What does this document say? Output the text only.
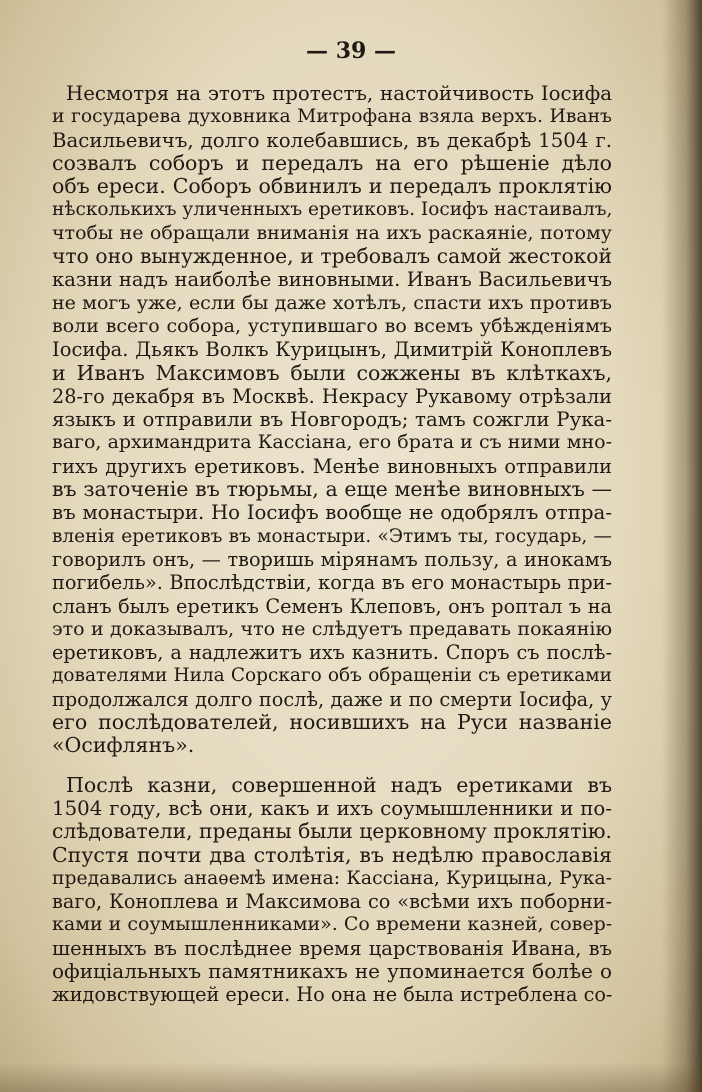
— 39 —
Несмотря на этотъ протестъ, настойчивость Іосифа
и государева духовника Митрофана взяла верхъ. Иванъ
Васильевичъ, долго колебавшись, въ декабрѣ 1504 г.
созвалъ соборъ и передалъ на его рѣшеніе дѣло
объ ереси. Соборъ обвинилъ и передалъ проклятію
нѣсколькихъ уличенныхъ еретиковъ. Іосифъ настаивалъ,
чтобы не обращали вниманія на ихъ раскаяніе, потому
что оно вынужденное, и требовалъ самой жестокой
казни надъ наиболѣе виновными. Иванъ Васильевичъ
не могъ уже, если бы даже хотѣлъ, спасти ихъ противъ
воли всего собора, уступившаго во всемъ убѣжденіямъ
Іосифа. Дьякъ Волкъ Курицынъ, Димитрій Коноплевъ
и Иванъ Максимовъ были сожжены въ клѣткахъ,
28-го декабря въ Москвѣ. Некрасу Рукавому отрѣзали
языкъ и отправили въ Новгородъ; тамъ сожгли Рука-
ваго, архимандрита Кассіана, его брата и съ ними мно-
гихъ другихъ еретиковъ. Менѣе виновныхъ отправили
въ заточеніе въ тюрьмы, а еще менѣе виновныхъ —
въ монастыри. Но Іосифъ вообще не одобрялъ отпра-
вленія еретиковъ въ монастыри. «Этимъ ты, государь, —
говорилъ онъ, — творишь мірянамъ пользу, а инокамъ
погибель». Впослѣдствіи, когда въ его монастырь при-
сланъ былъ еретикъ Семенъ Клеповъ, онъ роптал ъ на
это и доказывалъ, что не слѣдуетъ предавать покаянію
еретиковъ, а надлежитъ ихъ казнить. Споръ съ послѣ-
дователями Нила Сорскаго объ обращеніи съ еретиками
продолжался долго послѣ, даже и по смерти Іосифа, у
его послѣдователей, носившихъ на Руси названіе
«Осифлянъ».
Послѣ казни, совершенной надъ еретиками въ
1504 году, всѣ они, какъ и ихъ соумышленники и по-
слѣдователи, преданы были церковному проклятію.
Спустя почти два столѣтія, въ недѣлю православія
предавались анаѳемѣ имена: Кассіана, Курицына, Рука-
ваго, Коноплева и Максимова со «всѣми ихъ поборни-
ками и соумышленниками». Со времени казней, совер-
шенныхъ въ послѣднее время царствованія Ивана, въ
офиціальныхъ памятникахъ не упоминается болѣе о
жидовствующей ереси. Но она не была истреблена со-
